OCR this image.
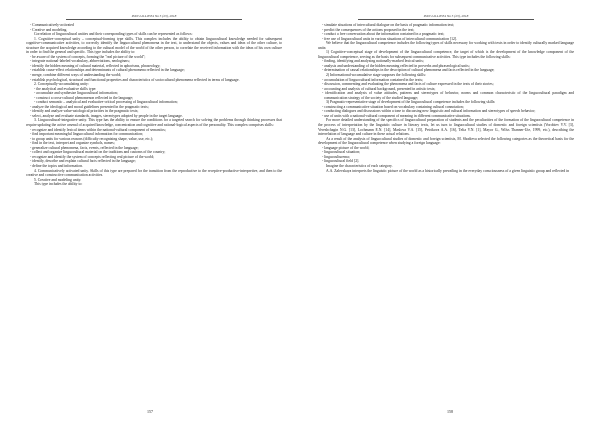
ISSN 2414-8334 No 5 (23), 2018

- Communicatively-activated

- Creative and modeling.

Correlation of linguocultural unities and their corresponding types of skills can be represented as follows:

1. Cognitive-conceptual unity – conceptual-forming type skills. This complex includes the ability to obtain linguocultural knowledge needed for subsequent cognitive-communicative activities, to correctly identify the linguocultural phenomena in the text, to understand the objects, values and ideas of the other culture, to structure the acquired knowledge according to the cultural model of the world of the other person, to correlate the received information with the ideas of his own culture in order to find the general and specific. This type includes the ability to:

- be aware of the system of concepts, forming the "real picture of the world";

- integrate national-labeled vocabulary, abbreviations, neologisms;

- identify the hidden meaning of cultural material, reflected in aphorisms, phraseology;

- establish cause-effect relationships and determinants of cultural phenomena reflected in the language;

- merge, combine different ways of understanding the world;

- establish psychological, structural and functional properties and characteristics of sociocultural phenomena reflected in terms of language.

2. Conceptually-accumulating unity:

- the analytical and evaluative skills type:

- accumulate and synthesize linguocultural information;

- construct a cross-cultural phenomenon reflected in the language;

- conduct semantic – analytical and evaluative-critical processing of linguocultural information;

- analyze the ideological and moral guidelines presented in the pragmatic texts;

- identify and analyze value-axiological priorities in the pragmatic texts;

- select, analyze and evaluate standards, images, stereotypes adopted by people in the target language.

3. Linguocultural-integrative unity. This type has the ability to ensure the conditions for a targeted search for solving the problems through thinking processes that require updating the active arsenal of acquired knowledge, concentration and cognitive and rational-logical aspects of the personality. This complex comprises skills:

- recognize and identify lexical items within the national-cultural component of semantics;

- find important meaningful linguocultural information for communication;

- to group units for various reasons (difficulty recognizing shape, value, use, etc.);

- find in the text, interpret and organize symbols, names;

- generalize cultural phenomena, facts, events, reflected in the language;

- collect and organize linguocultural material on the traditions and customs of the country;

- recognize and identify the system of concepts reflecting real picture of the world;

- identify, describe and explain cultural facts reflected in the language;

- define the topics and information.

4. Communicatively activated unity. Skills of this type are prepared for the transition from the reproductive to the receptive-productive-interpretive, and then to the creative and constructive communication activities.

5. Creative and modeling unity.

This type includes the ability to:

157
ISSN 2414-8334 No 5 (23), 2018

- simulate situations of intercultural dialogue on the basis of pragmatic information text;

- predict the consequences of the actions proposed in the text;

- conduct a free conversation about the information contained in a pragmatic text;

- free use of linguocultural units in various situations of intercultural communication [12].

We believe that the linguocultural competence includes the following types of skills necessary for working with texts in order to identify culturally marked language units:

1) Cognitive-conceptual stage of development of the linguocultural competence, the target of which is the development of the knowledge component of the linguocultural competence, serving as the basis for subsequent communicative activities. This type includes the following skills:

- finding, identifying and analyzing nationally-marked lexical units;

- analysis and understanding of the hidden meaning reflected in proverbs and phraseological units;

- determination of causal relationships in the description of cultural phenomena and facts reflected in the language;

2) Informational-accumulative stage supposes the following skills:

- accumulation of linguocultural information contained in the texts;

- discussion, commenting and evaluating the phenomena and facts of culture expressed in the texts of their stories;

- accounting and analysis of cultural background, presented in artistic texts;

- identification and analysis of value attitudes, patterns and stereotypes of behavior, norms and common characteristic of the linguocultural paradigm and communication strategy of the society of the studied language;

3) Pragmatic-representative stage of development of the linguocultural competence includes the following skills:

- constructing a communicative situation based on vocabulary containing cultural connotation;

- conducting dialogues and discussions within a tone to discussing new linguistic and cultural information and stereotypes of speech behavior;

- use of units with a national-cultural component of meaning in different communicative situations.

For more detailed understanding of the specifics of linguocultural preparation of students and the peculiarities of the formation of the linguocultural competence in the process of interpretation by the linguistic culture in literary texts, let us turn to linguocultural studies of domestic and foreign scientists (Vorobiev V.V. [3], Vereshchagin N.G. [13], Lochmann E.N. [14], Maslova V.A. [15], Petrikova A.A. [16], Telia V.N. [1], Mayor G., Wilss Thanner-Ute, 1999, etc.), describing the interrelation of language and culture in these actual relations.

As a result of the analysis of linguocultural studies of domestic and foreign scientists, M. Shodieva selected the following categories as the theoretical basis for the development of the linguocultural competence when studying a foreign language:

- language picture of the world;

- linguocultural situation;

- linguoculturema;

- linguocultural field [2].

Imagine the characteristics of each category.

A.A. Zalevskaya interprets the linguistic picture of the world as a historically prevailing in the everyday consciousness of a given linguistic group and reflected in

158
